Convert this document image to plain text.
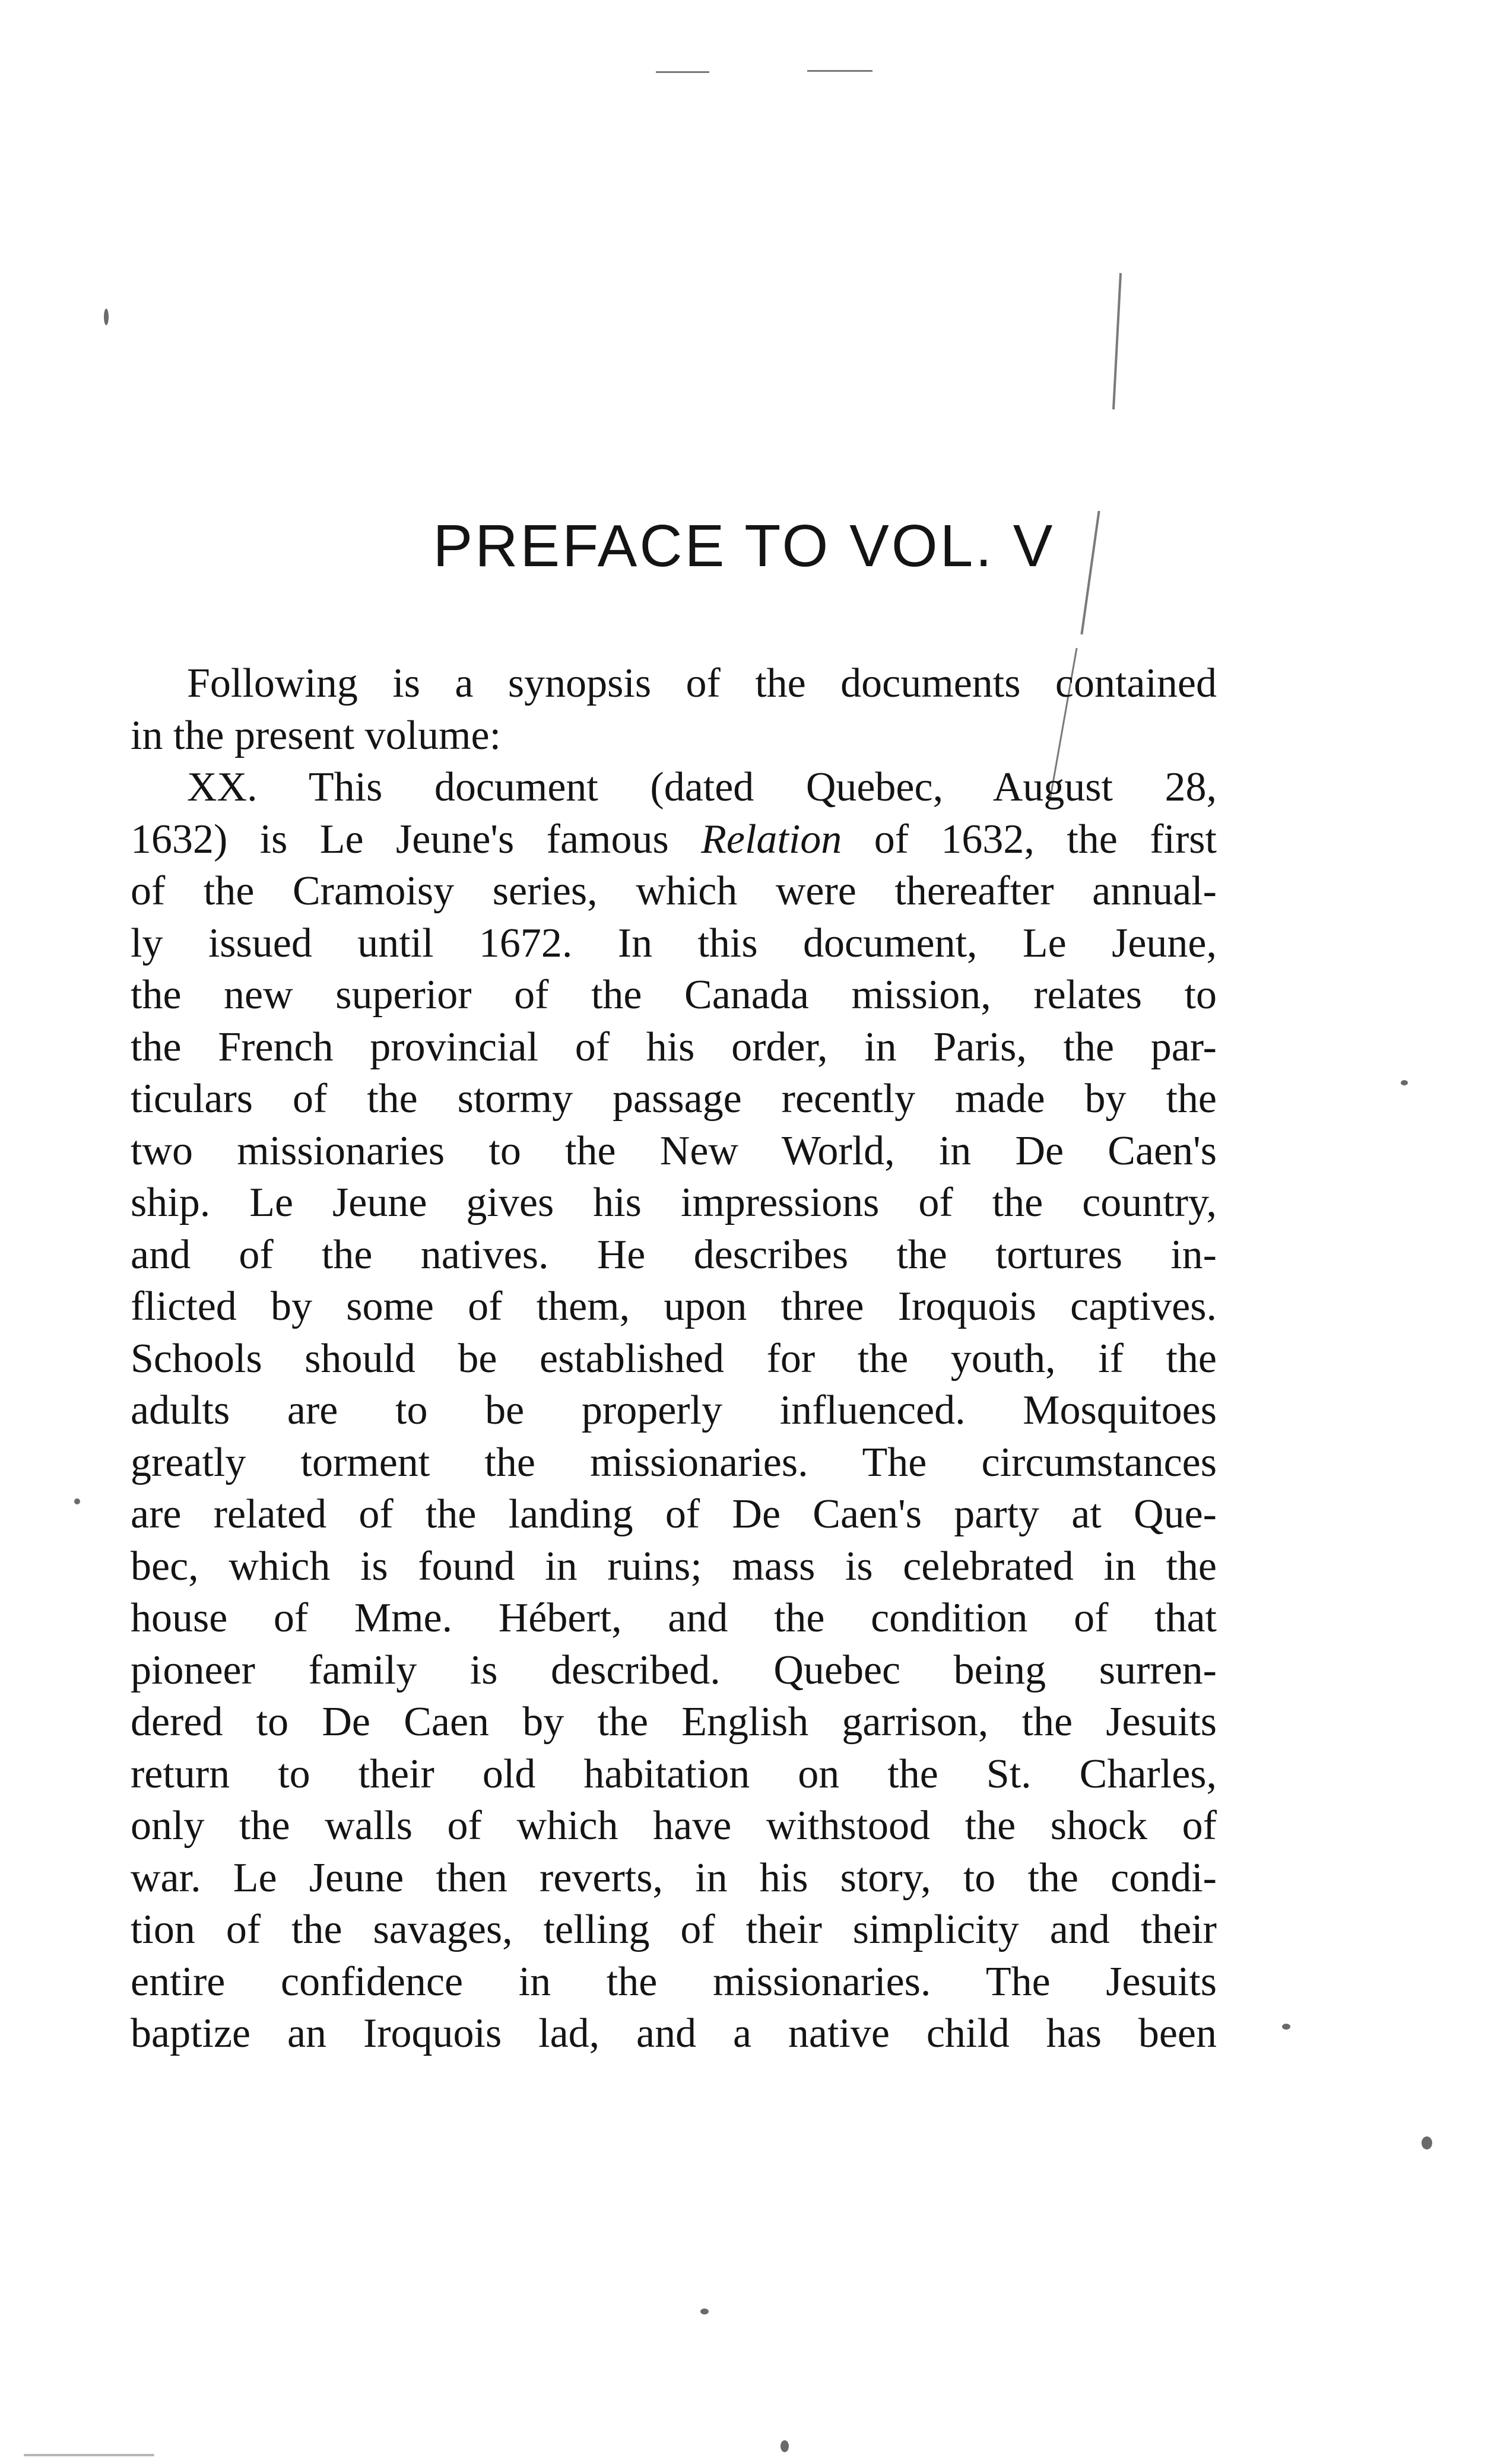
PREFACE TO VOL. V
Following is a synopsis of the documents contained
in the present volume:
XX. This document (dated Quebec, August 28,
1632) is Le Jeune's famous Relation of 1632, the first
of the Cramoisy series, which were thereafter annual-
ly issued until 1672. In this document, Le Jeune,
the new superior of the Canada mission, relates to
the French provincial of his order, in Paris, the par-
ticulars of the stormy passage recently made by the
two missionaries to the New World, in De Caen's
ship. Le Jeune gives his impressions of the country,
and of the natives. He describes the tortures in-
flicted by some of them, upon three Iroquois captives.
Schools should be established for the youth, if the
adults are to be properly influenced. Mosquitoes
greatly torment the missionaries. The circumstances
are related of the landing of De Caen's party at Que-
bec, which is found in ruins; mass is celebrated in the
house of Mme. Hébert, and the condition of that
pioneer family is described. Quebec being surren-
dered to De Caen by the English garrison, the Jesuits
return to their old habitation on the St. Charles,
only the walls of which have withstood the shock of
war. Le Jeune then reverts, in his story, to the condi-
tion of the savages, telling of their simplicity and their
entire confidence in the missionaries. The Jesuits
baptize an Iroquois lad, and a native child has been
